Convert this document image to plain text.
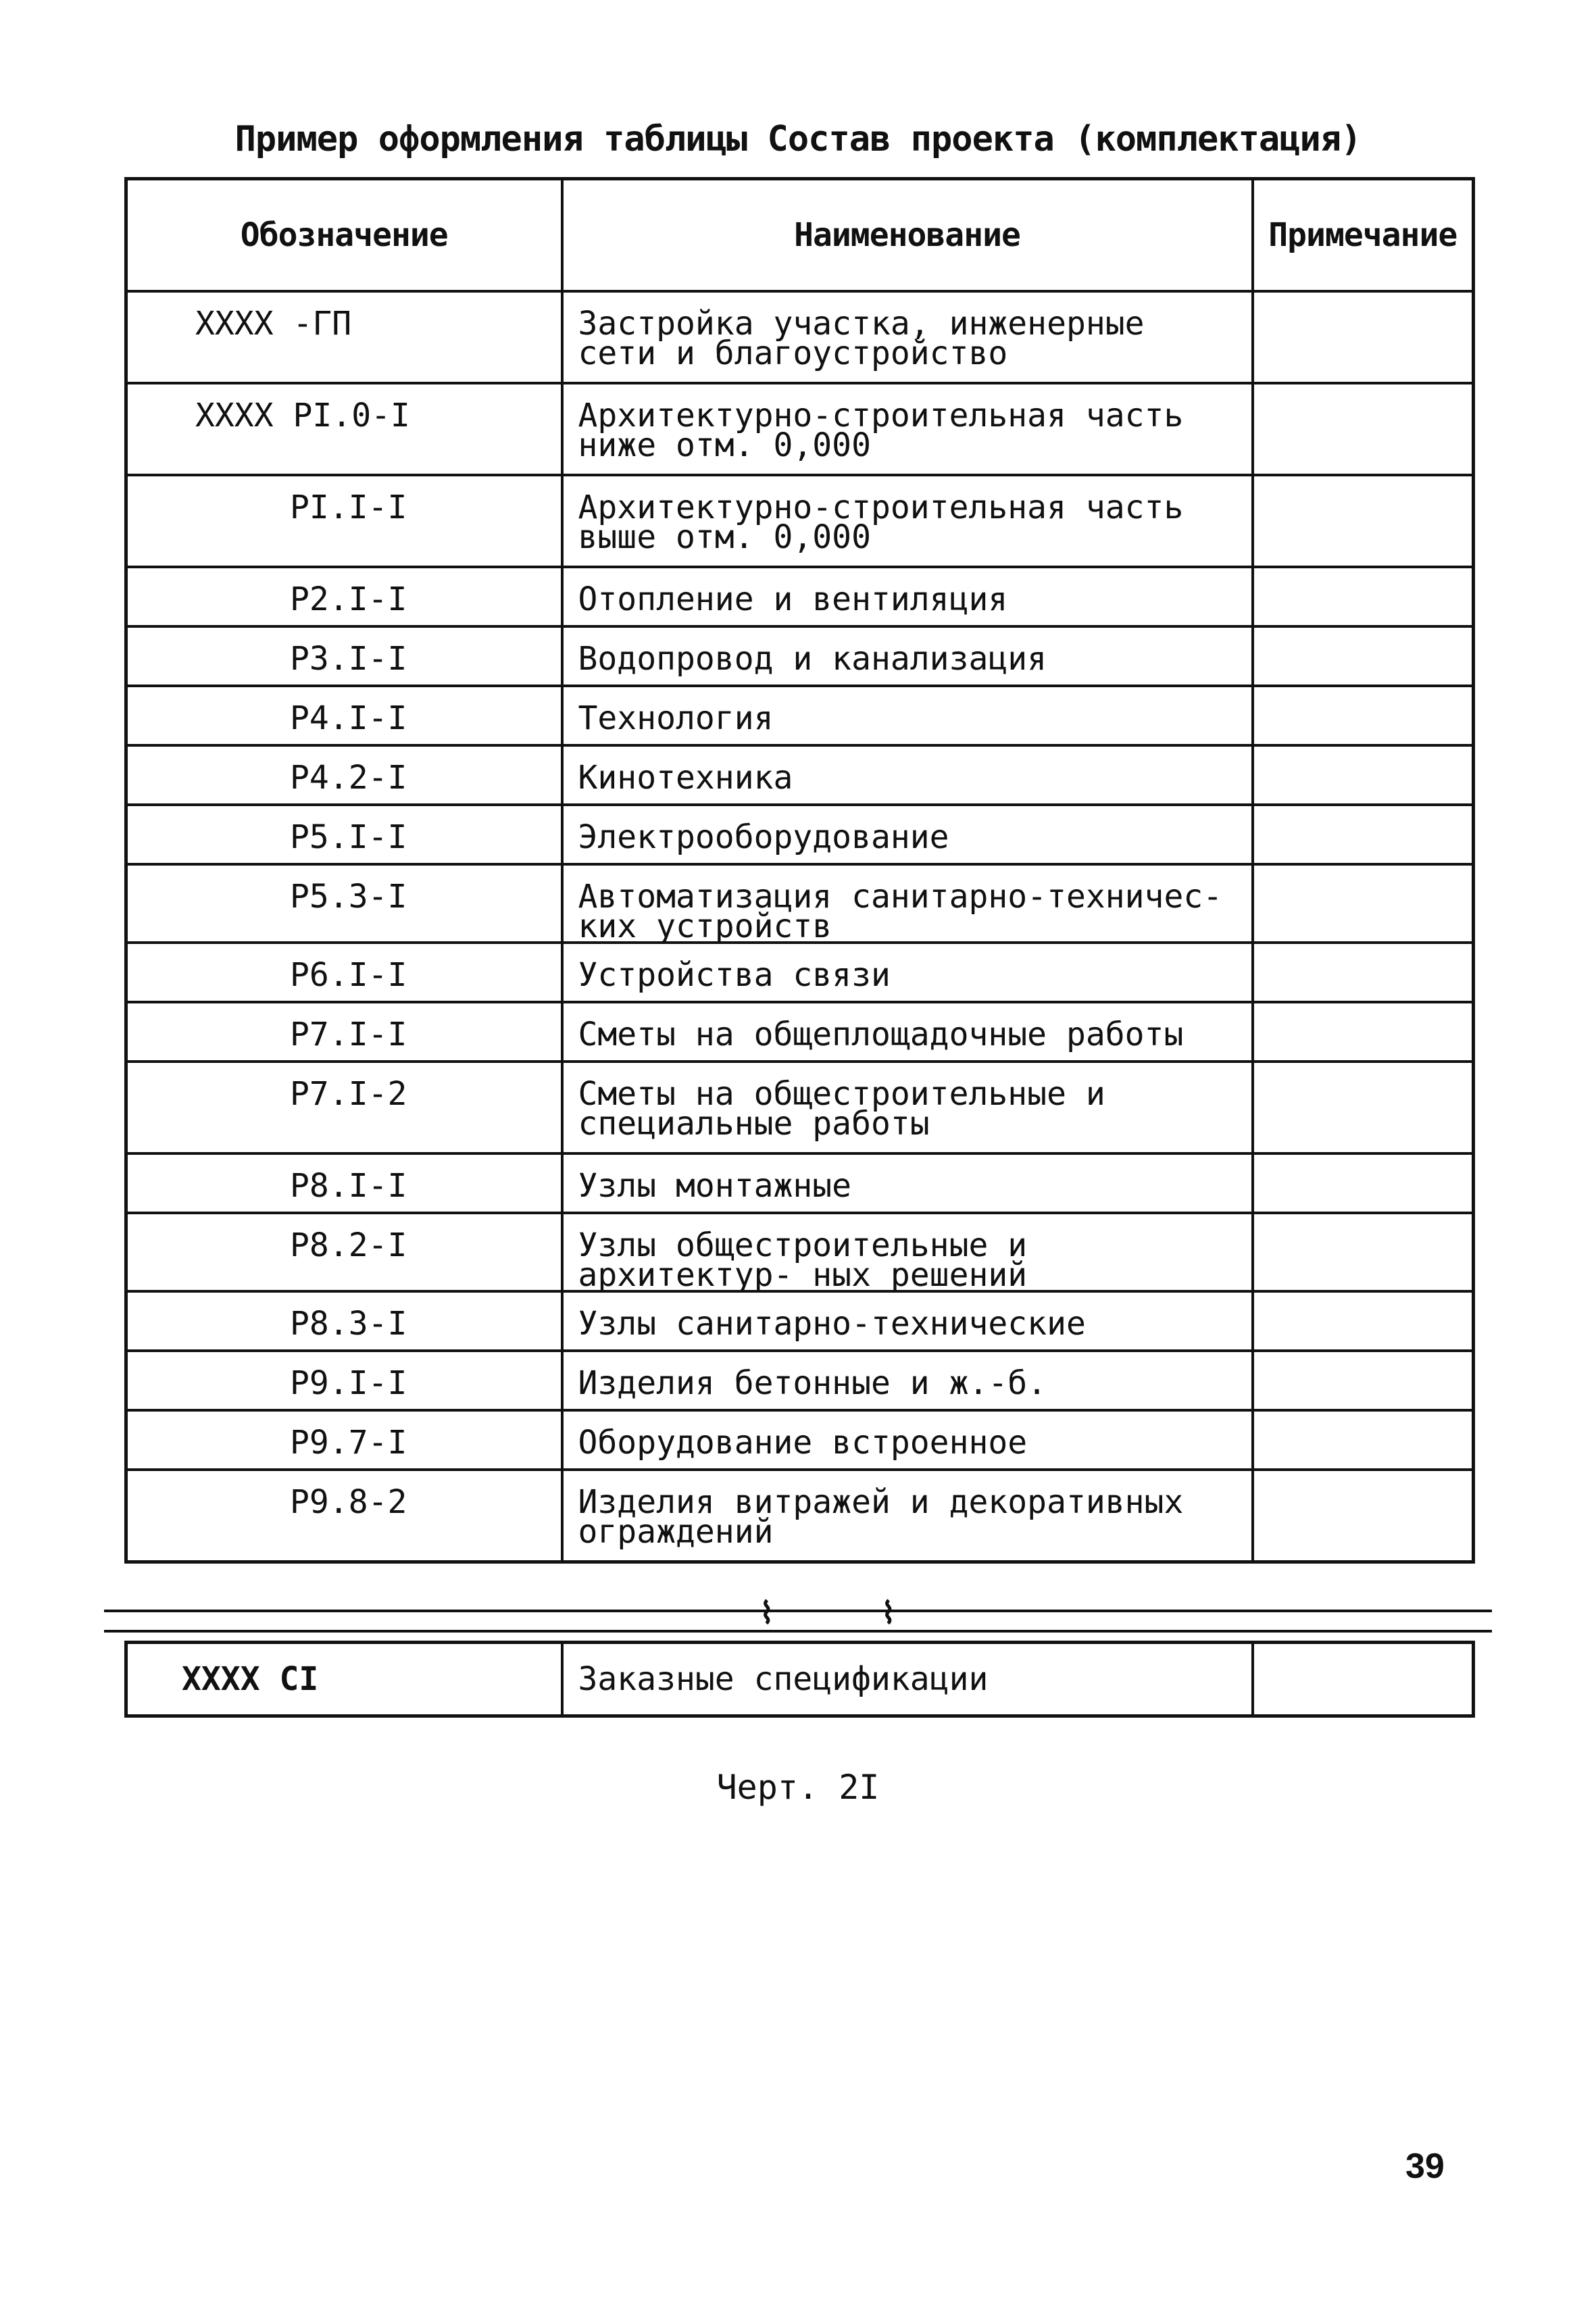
Пример оформления таблицы Состав проекта (комплектация)
Обозначение	Наименование	Примечание
ХXXX -ГП	Застройка участка, инженерные сети и благоустройство	
ХXXX PI.0-I	Архитектурно-строительная часть ниже отм. 0,000	
PI.I-I	Архитектурно-строительная часть выше отм. 0,000	
P2.I-I	Отопление и вентиляция	
P3.I-I	Водопровод и канализация	
P4.I-I	Технология	
P4.2-I	Кинотехника	
P5.I-I	Электрооборудование	
P5.3-I	Автоматизация санитарно-техничес- ких устройств	
P6.I-I	Устройства связи	
P7.I-I	Сметы на общеплощадочные работы	
P7.I-2	Сметы на общестроительные и специальные работы	
P8.I-I	Узлы монтажные	
P8.2-I	Узлы общестроительные и архитектур- ных решений	
P8.3-I	Узлы санитарно-технические	
P9.I-I	Изделия бетонные и ж.-б.	
P9.7-I	Оборудование встроенное	
P9.8-2	Изделия витражей и декоративных ограждений	
⌇	⌇
ХXXX CI	Заказные спецификации	
Черт. 2I
39
